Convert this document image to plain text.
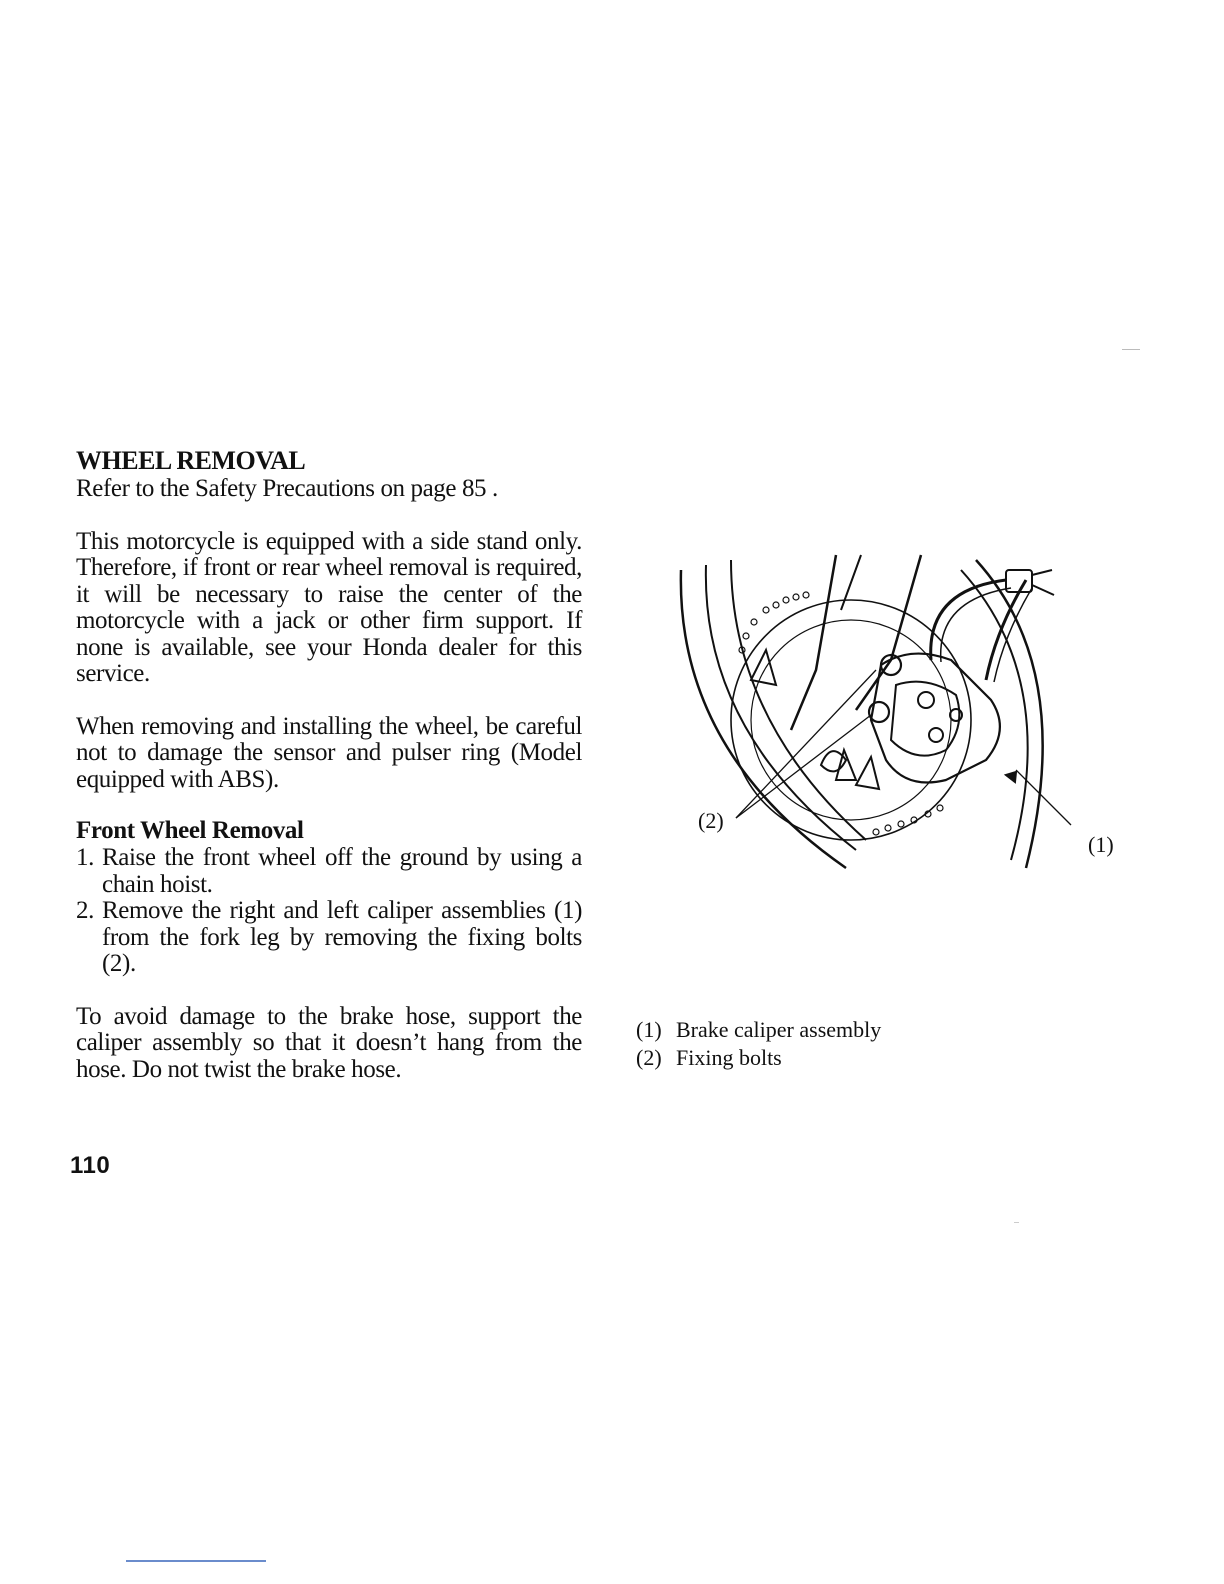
WHEEL REMOVAL

Refer to the Safety Precautions on page 85 .

This motorcycle is equipped with a side stand only. Therefore, if front or rear wheel removal is required, it will be necessary to raise the center of the motorcycle with a jack or other firm support. If none is available, see your Honda dealer for this service.

When removing and installing the wheel, be careful not to damage the sensor and pulser ring (Model equipped with ABS).

Front Wheel Removal
1. Raise the front wheel off the ground by using a chain hoist.
2. Remove the right and left caliper assemblies (1) from the fork leg by removing the fixing bolts (2).

To avoid damage to the brake hose, support the caliper assembly so that it doesn’t hang from the hose. Do not twist the brake hose.

110
(2)
(1)
(1) Brake caliper assembly
(2) Fixing bolts
